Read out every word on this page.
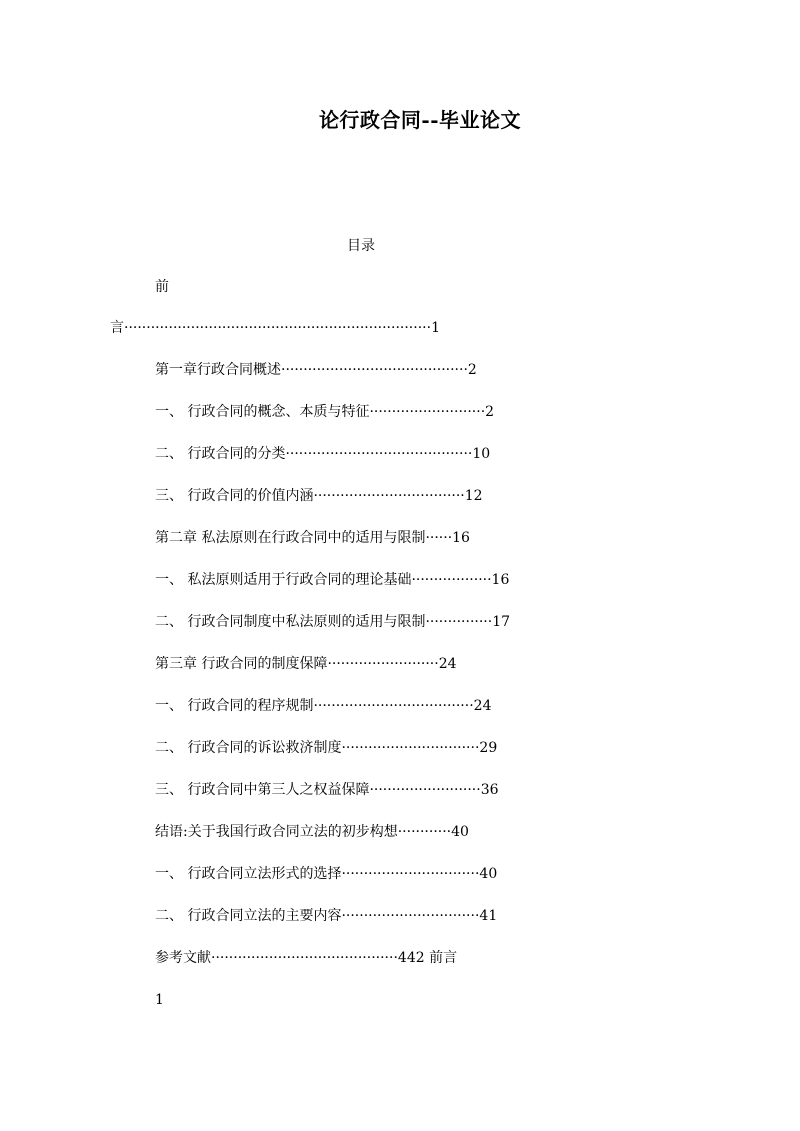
论行政合同--毕业论文
目录
前
言·····································································1
第一章行政合同概述··········································2
一、 行政合同的概念、本质与特征··························2
二、 行政合同的分类··········································10
三、 行政合同的价值内涵··································12
第二章 私法原则在行政合同中的适用与限制······16
一、 私法原则适用于行政合同的理论基础··················16
二、 行政合同制度中私法原则的适用与限制···············17
第三章 行政合同的制度保障·························24
一、 行政合同的程序规制····································24
二、 行政合同的诉讼救济制度·······························29
三、 行政合同中第三人之权益保障·························36
结语:关于我国行政合同立法的初步构想············40
一、 行政合同立法形式的选择·······························40
二、 行政合同立法的主要内容·······························41
参考文献··········································442 前言
1
